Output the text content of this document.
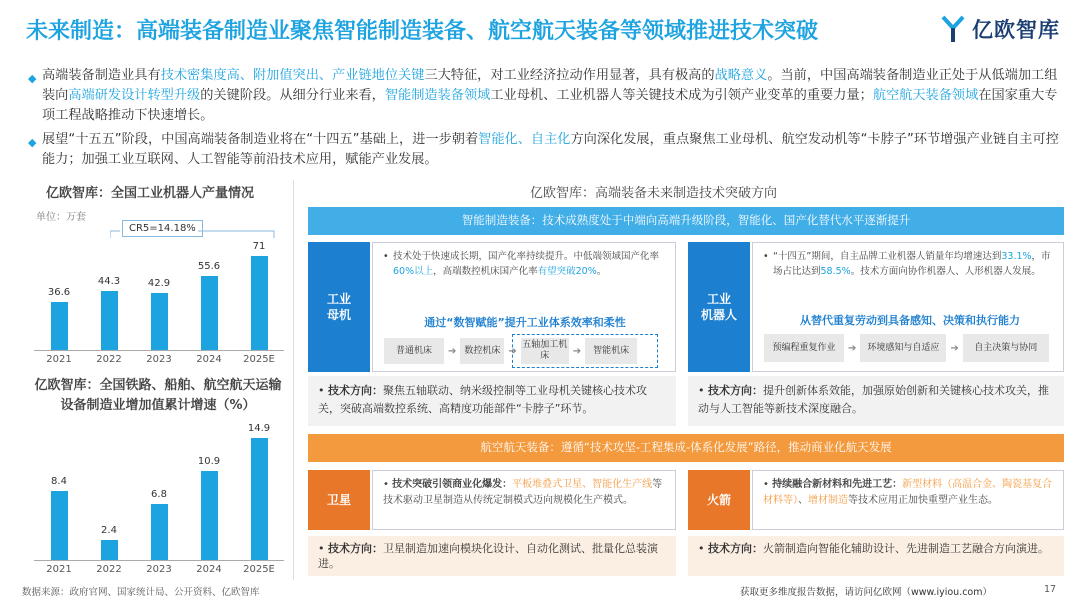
未来制造：高端装备制造业聚焦智能制造装备、航空航天装备等领域推进技术突破	亿欧智库
◆ 高端装备制造业具有技术密集度高、附加值突出、产业链地位关键三大特征，对工业经济拉动作用显著，具有极高的战略意义。当前，中国高端装备制造业正处于从低端加工组装向高端研发设计转型升级的关键阶段。从细分行业来看，智能制造装备领域工业母机、工业机器人等关键技术成为引领产业变革的重要力量；航空航天装备领域在国家重大专项工程战略推动下快速增长。

◆ 展望“十五五”阶段，中国高端装备制造业将在“十四五”基础上，进一步朝着智能化、自主化方向深化发展，重点聚焦工业母机、航空发动机等“卡脖子”环节增强产业链自主可控能力；加强工业互联网、人工智能等前沿技术应用，赋能产业发展。

亿欧智库：全国工业机器人产量情况
单位：万套
CR5=14.18%
36.6
2021
44.3
2022
42.9
2023
55.6
2024
71
2025E
亿欧智库：全国铁路、船舶、航空航天运输
设备制造业增加值累计增速（%）
8.4
2021
2.4
2022
6.8
2023
10.9
2024
14.9
2025E
亿欧智库：高端装备未来制造技术突破方向
智能制造装备：技术成熟度处于中端向高端升级阶段，智能化、国产化替代水平逐渐提升
工业
母机
• 技术处于快速成长期，国产化率持续提升。中低端领域国产化率60%以上，高端数控机床国产化率有望突破20%。
通过“数智赋能”提升工业体系效率和柔性
普通机床	➔ 数控机床 ➔
五轴加工机床	➔	智能机床
• 技术方向：聚焦五轴联动、纳米级控制等工业母机关键核心技术攻关，突破高端数控系统、高精度功能部件“卡脖子”环节。
工业
机器人
• “十四五”期间，自主品牌工业机器人销量年均增速达到33.1%，市场占比达到58.5%。技术方面向协作机器人、人形机器人发展。
从替代重复劳动到具备感知、决策和执行能力
预编程重复作业	➔	环境感知与自适应	➔	自主决策与协同
• 技术方向：提升创新体系效能，加强原始创新和关键核心技术攻关，推动与人工智能等新技术深度融合。
航空航天装备：遵循“技术攻坚-工程集成-体系化发展”路径，推动商业化航天发展
卫星
• 技术突破引领商业化爆发：平板堆叠式卫星、智能化生产线等技术驱动卫星制造从传统定制模式迈向规模化生产模式。
• 技术方向：卫星制造加速向模块化设计、自动化测试、批量化总装演进。
火箭
• 持续融合新材料和先进工艺：新型材料（高温合金、陶瓷基复合材料等）、增材制造等技术应用正加快重塑产业生态。
• 技术方向：火箭制造向智能化辅助设计、先进制造工艺融合方向演进。
数据来源：政府官网、国家统计局、公开资料、亿欧智库	获取更多维度报告数据，请访问亿欧网（www.iyiou.com）	17
